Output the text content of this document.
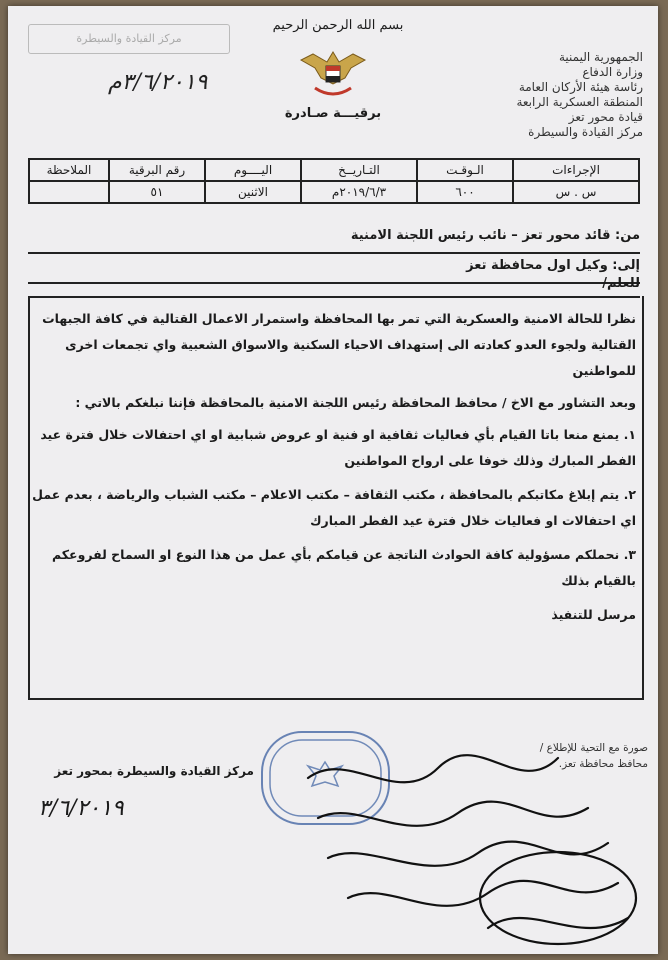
مركز القيادة والسيطرة
الجمهورية اليمنية
وزارة الدفاع
رئاسة هيئة الأركان العامة
المنطقة العسكرية الرابعة
قيادة محور تعز
مركز القيادة والسيطرة
بسم الله الرحمن الرحيم
برقيـــة صـادرة
٣/٦/٢٠١٩م
الإجراءات	الـوقـت	التـاريــخ	اليــــوم	رقم البرقية	الملاحظة
س . س	٦٠٠	٢٠١٩/٦/٣م	الاثنين	٥١	
من: قائد محور تعز – نائب رئيس اللجنة الامنية
إلى: وكيل اول محافظة تعز
للعلم/

نظرا للحالة الامنية والعسكرية التي تمر بها المحافظة واستمرار الاعمال القتالية في كافة الجبهات القتالية ولجوء العدو كعادته الى إستهداف الاحياء السكنية والاسواق الشعبية واي تجمعات اخرى للمواطنين

وبعد التشاور مع الاخ / محافظ المحافظة رئيس اللجنة الامنية بالمحافظة فإننا نبلغكم بالاتي :

١. يمنع منعا باتا القيام بأي فعاليات ثقافية او فنية او عروض شبابية او اي احتفالات خلال فترة عيد الفطر المبارك وذلك خوفا على ارواح المواطنين

٢. يتم إبلاغ مكاتبكم بالمحافظة ، مكتب الثقافة – مكتب الاعلام – مكتب الشباب والرياضة ، بعدم عمل اي احتفالات او فعاليات خلال فترة عيد الفطر المبارك

٣. نحملكم مسؤولية كافة الحوادث الناتجة عن قيامكم بأي عمل من هذا النوع او السماح لفروعكم بالقيام بذلك

مرسل للتنفيذ

صورة مع التحية للإطلاع /
محافظ محافظة تعز.
مركز القيادة والسيطرة بمحور تعز
٣/٦/٢٠١٩
